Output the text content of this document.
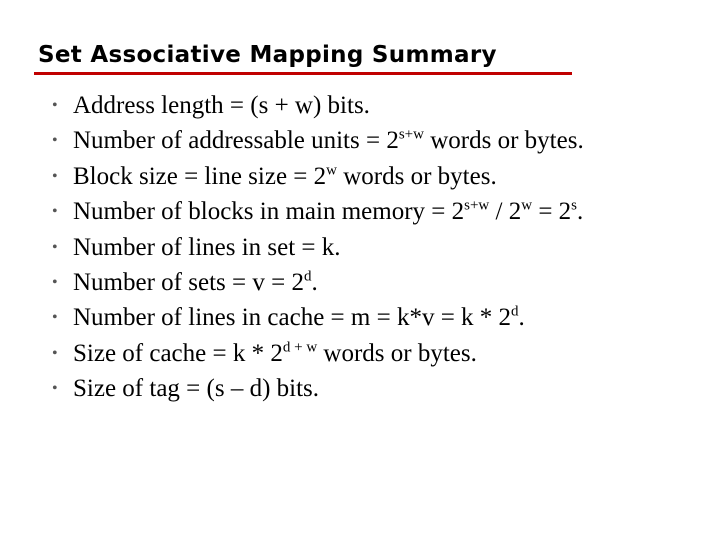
Set Associative Mapping Summary
• Address length = (s + w) bits.
• Number of addressable units = $2^{s+w}$ words or bytes.
• Block size = line size = $2^w$ words or bytes.
• Number of blocks in main memory = $2^{s+w} / 2^w = 2^s$.
• Number of lines in set = k.
• Number of sets = $v = 2^d$.
• Number of lines in cache = m = k*v = k * 2$^d$.
• Size of cache = k * $2^{d + w}$ words or bytes.
• Size of tag = (s – d) bits.
